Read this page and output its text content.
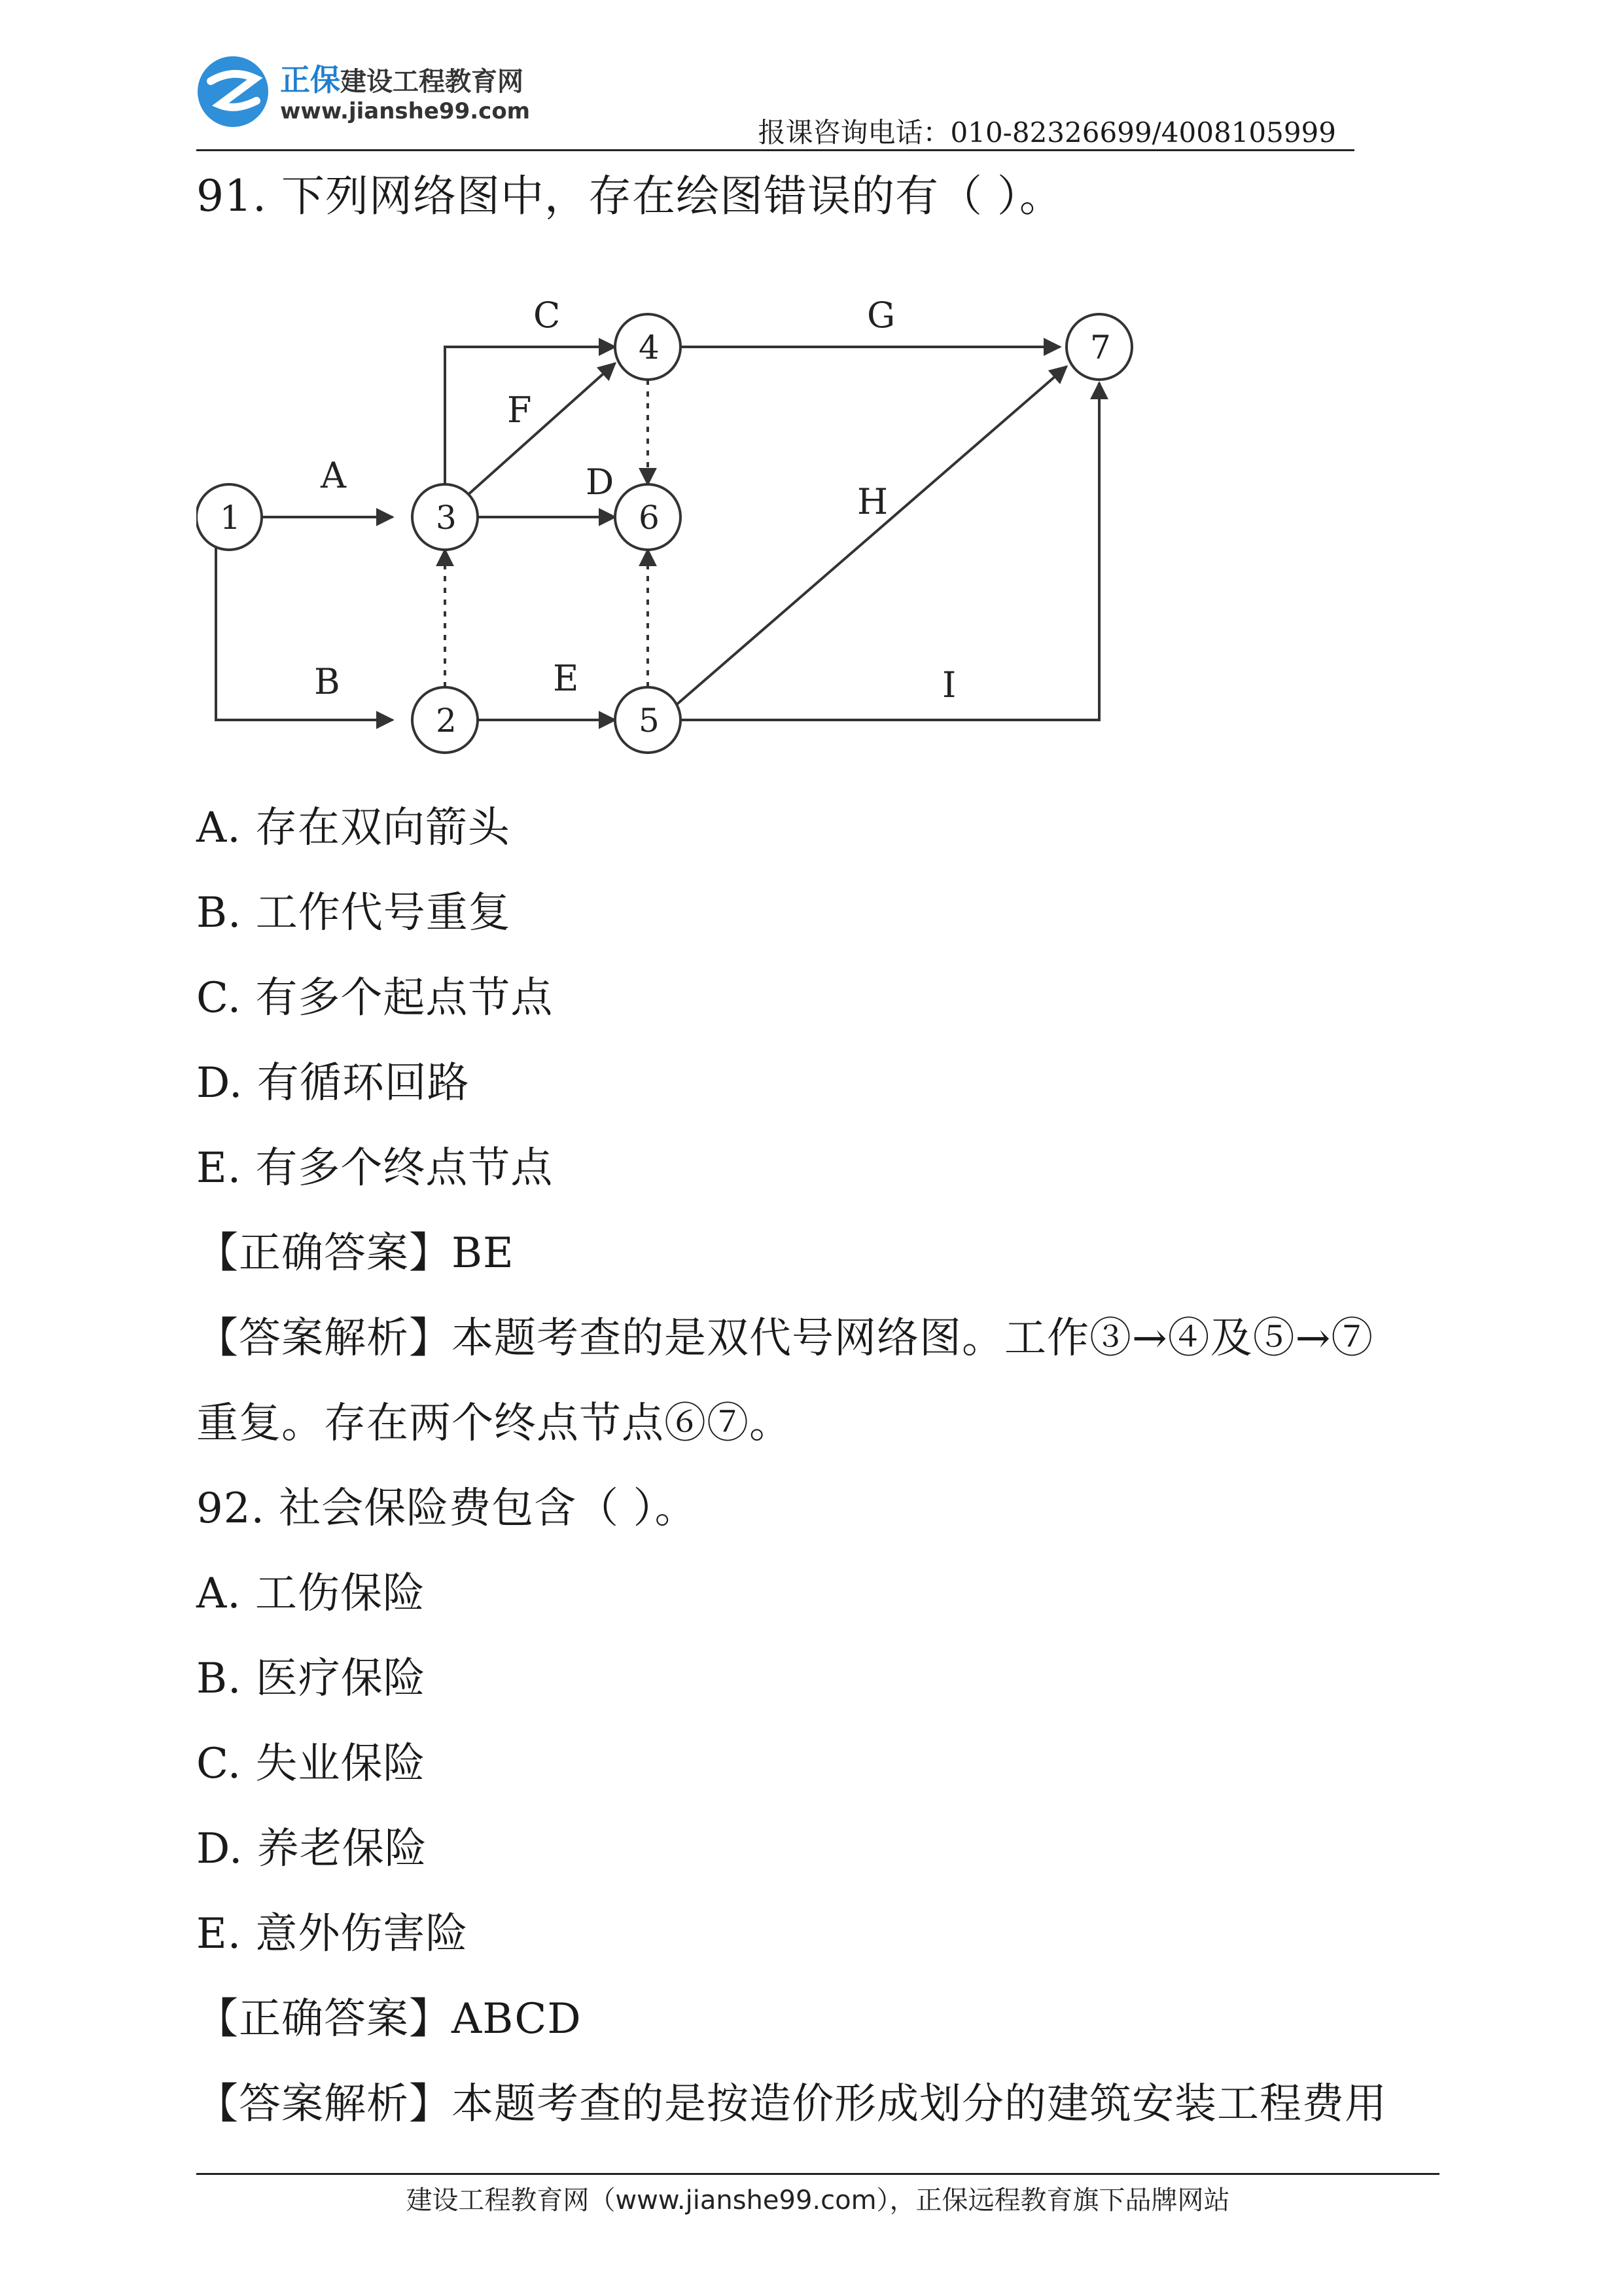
正保建设工程教育网
www.jianshe99.com
报课咨询电话：010-82326699/4008105999
91. 下列网络图中，存在绘图错误的有（ ）。
A
B
C
D
E
F
G
H
I
1
2
3
4
5
6
7
A. 存在双向箭头
B. 工作代号重复
C. 有多个起点节点
D. 有循环回路
E. 有多个终点节点
【正确答案】BE
【答案解析】本题考查的是双代号网络图。工作③→④及⑤→⑦
重复。存在两个终点节点⑥⑦。
92. 社会保险费包含（ ）。
A. 工伤保险
B. 医疗保险
C. 失业保险
D. 养老保险
E. 意外伤害险
【正确答案】ABCD
【答案解析】本题考查的是按造价形成划分的建筑安装工程费用
建设工程教育网（www.jianshe99.com），正保远程教育旗下品牌网站
